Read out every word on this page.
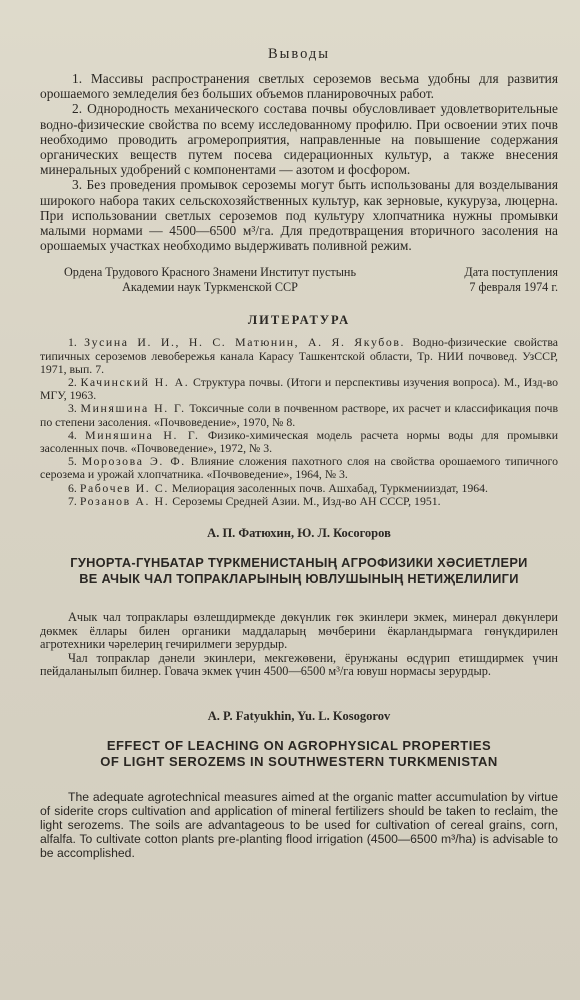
Выводы

1. Массивы распространения светлых сероземов весьма удобны для развития орошаемого земледелия без больших объемов планировочных работ.

2. Однородность механического состава почвы обусловливает удовлетворительные водно-физические свойства по всему исследованному профилю. При освоении этих почв необходимо проводить агромероприятия, направленные на повышение содержания органических веществ путем посева сидерационных культур, а также внесения минеральных удобрений с компонентами — азотом и фосфором.

3. Без проведения промывок сероземы могут быть использованы для возделывания широкого набора таких сельскохозяйственных культур, как зерновые, кукуруза, люцерна. При использовании светлых сероземов под культуру хлопчатника нужны промывки малыми нормами — 4500—6500 м³/га. Для предотвращения вторичного засоления на орошаемых участках необходимо выдерживать поливной режим.

Ордена Трудового Красного Знамени Институт пустынь
Академии наук Туркменской ССР
Дата поступления
7 февраля 1974 г.
ЛИТЕРАТУРА

1. Зусина И. И., Н. С. Матюнин, А. Я. Якубов. Водно-физические свойства типичных сероземов левобережья канала Карасу Ташкентской области, Тр. НИИ почвовед. УзССР, 1971, вып. 7.

2. Качинский Н. А. Структура почвы. (Итоги и перспективы изучения вопроса). М., Изд-во МГУ, 1963.

3. Миняшина Н. Г. Токсичные соли в почвенном растворе, их расчет и классификация почв по степени засоления. «Почвоведение», 1970, № 8.

4. Миняшина Н. Г. Физико-химическая модель расчета нормы воды для промывки засоленных почв. «Почвоведение», 1972, № 3.

5. Морозова Э. Ф. Влияние сложения пахотного слоя на свойства орошаемого типичного серозема и урожай хлопчатника. «Почвоведение», 1964, № 3.

6. Рабочев И. С. Мелиорация засоленных почв. Ашхабад, Туркменииздат, 1964.

7. Розанов А. Н. Сероземы Средней Азии. М., Изд-во АН СССР, 1951.

А. П. Фатюхин, Ю. Л. Косогоров
ГУНОРТА-ГҮНБАТАР ТҮРКМЕНИСТАНЫҢ АГРОФИЗИКИ ХӘСИЕТЛЕРИ
ВЕ АЧЫК ЧАЛ ТОПРАКЛАРЫНЫҢ ЮВЛУШЫНЫҢ НЕТИҖЕЛИЛИГИ

Ачык чал топраклары өзлешдирмекде дөкүнлик гөк экинлери экмек, минерал дөкүнлери дөкмек ёллары билен органики маддаларың мөчберини ёкарландырмага гөнүкдирилен агротехники чәрелериң гечирилмеги зерурдыр.

Чал топраклар дәнели экинлери, мекгежөвени, ёрунжаны өсдүрип етишдирмек үчин пейдаланылып билнер. Говача экмек үчин 4500—6500 м³/га ювуш нормасы зерурдыр.

A. P. Fatyukhin, Yu. L. Kosogorov
EFFECT OF LEACHING ON AGROPHYSICAL PROPERTIES
OF LIGHT SEROZEMS IN SOUTHWESTERN TURKMENISTAN

The adequate agrotechnical measures aimed at the organic matter accumulation by virtue of siderite crops cultivation and application of mineral fertilizers should be taken to reclaim, the light serozems. The soils are advantageous to be used for cultivation of cereal grains, corn, alfalfa. To cultivate cotton plants pre-planting flood irrigation (4500—6500 m³/ha) is advisable to be accomplished.
